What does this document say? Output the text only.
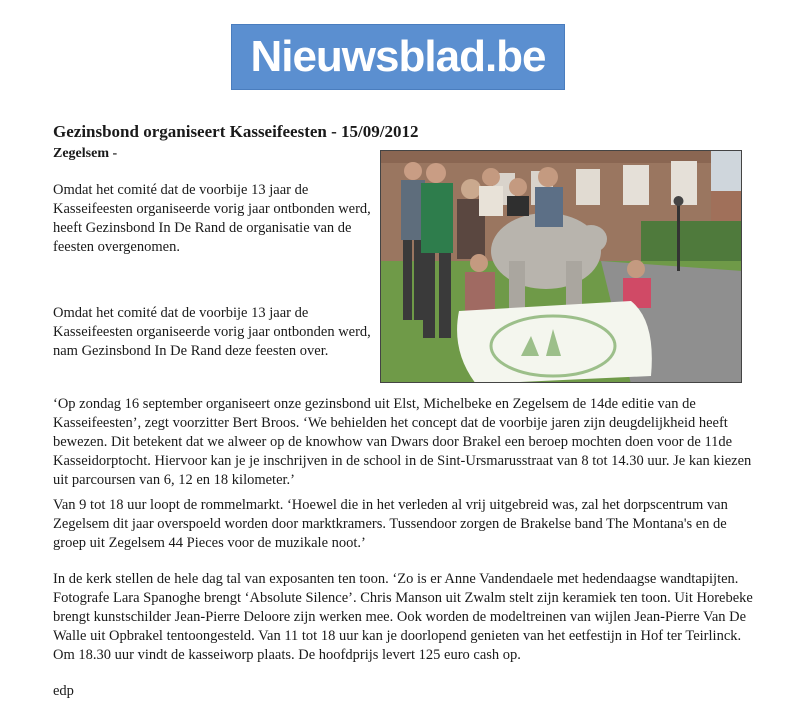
Nieuwsblad.be
Gezinsbond organiseert Kasseifeesten - 15/09/2012
Zegelsem -

Omdat het comité dat de voorbije 13 jaar de Kasseifeesten organiseerde vorig jaar ontbonden werd, heeft Gezinsbond In De Rand de organisatie van de feesten overgenomen.

Omdat het comité dat de voorbije 13 jaar de Kasseifeesten organiseerde vorig jaar ontbonden werd, nam Gezinsbond In De Rand deze feesten over.

‘Op zondag 16 september organiseert onze gezinsbond uit Elst, Michelbeke en Zegelsem de 14de editie van de Kasseifeesten’, zegt voorzitter Bert Broos. ‘We behielden het concept dat de voorbije jaren zijn deugdelijkheid heeft bewezen. Dit betekent dat we alweer op de knowhow van Dwars door Brakel een beroep mochten doen voor de 11de Kasseidorptocht. Hiervoor kan je je inschrijven in de school in de Sint-Ursmarusstraat van 8 tot 14.30 uur. Je kan kiezen uit parcoursen van 6, 12 en 18 kilometer.’

Van 9 tot 18 uur loopt de rommelmarkt. ‘Hoewel die in het verleden al vrij uitgebreid was, zal het dorpscentrum van Zegelsem dit jaar overspoeld worden door marktkramers. Tussendoor zorgen de Brakelse band The Montana's en de groep uit Zegelsem 44 Pieces voor de muzikale noot.’

In de kerk stellen de hele dag tal van exposanten ten toon. ‘Zo is er Anne Vandendaele met hedendaagse wandtapijten. Fotografe Lara Spanoghe brengt ‘Absolute Silence’. Chris Manson uit Zwalm stelt zijn keramiek ten toon. Uit Horebeke brengt kunstschilder Jean-Pierre Deloore zijn werken mee. Ook worden de modeltreinen van wijlen Jean-Pierre Van De Walle uit Opbrakel tentoongesteld. Van 11 tot 18 uur kan je doorlopend genieten van het eetfestijn in Hof ter Teirlinck. Om 18.30 uur vindt de kasseiworp plaats. De hoofdprijs levert 125 euro cash op.

edp
